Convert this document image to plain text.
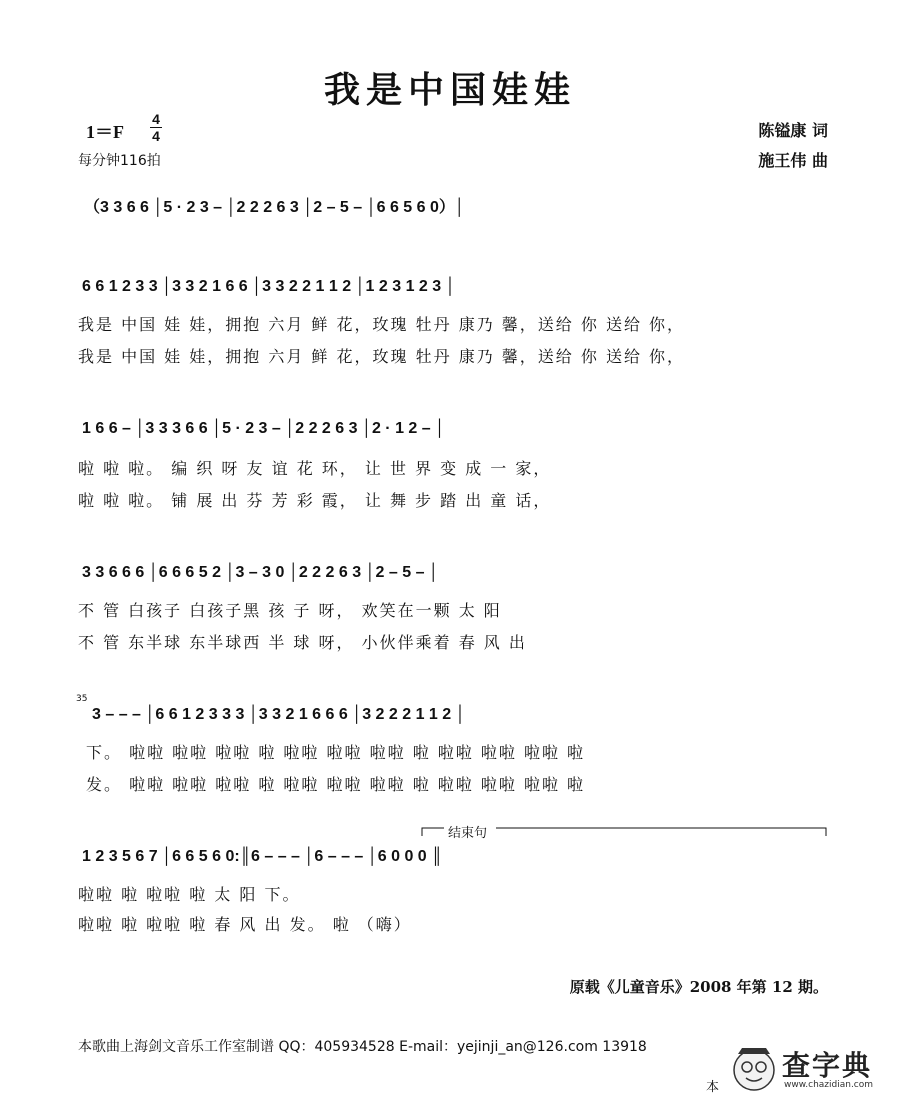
我是中国娃娃
1＝F
4
4
每分钟116拍
陈镒康 词
施王伟 曲
（3 3 6 6 │5 · 2 3 – │2 2 2 6 3 │2 – 5 – │6 6 5 6 0）│
6 6 1 2 3 3 │3 3 2 1 6 6 │3 3 2 2 1 1 2 │1 2 3 1 2 3 │
我是 中国 娃 娃，拥抱 六月 鲜 花，玫瑰 牡丹 康乃 馨，送给 你 送给 你，
我是 中国 娃 娃，拥抱 六月 鲜 花，玫瑰 牡丹 康乃 馨，送给 你 送给 你，
1 6 6 – │3 3 3 6 6 │5 · 2 3 – │2 2 2 6 3 │2 · 1 2 – │
啦 啦 啦。 编 织 呀 友 谊 花 环， 让 世 界 变 成 一 家，
啦 啦 啦。 铺 展 出 芬 芳 彩 霞， 让 舞 步 踏 出 童 话，
3 3 6 6 6 │6 6 6 5 2 │3 – 3 0 │2 2 2 6 3 │2 – 5 – │
不 管 白孩子 白孩子黑 孩 子 呀， 欢笑在一颗 太 阳
不 管 东半球 东半球西 半 球 呀， 小伙伴乘着 春 风 出
35
3 – – – │6 6 1 2 3 3 3 │3 3 2 1 6 6 6 │3 2 2 2 1 1 2 │
下。 啦啦 啦啦 啦啦 啦 啦啦 啦啦 啦啦 啦 啦啦 啦啦 啦啦 啦
发。 啦啦 啦啦 啦啦 啦 啦啦 啦啦 啦啦 啦 啦啦 啦啦 啦啦 啦
结束句
1 2 3 5 6 7 │6 6 5 6 0:║6 – – – │6 – – – │6 0 0 0 ║
啦啦 啦 啦啦 啦 太 阳 下。
啦啦 啦 啦啦 啦 春 风 出 发。 啦 （嗨）
原载《儿童音乐》2008 年第 12 期。
本歌曲上海剑文音乐工作室制谱 QQ：405934528 E-mail：yejinji_an@126.com 13918
本
查字典
www.chazidian.com
